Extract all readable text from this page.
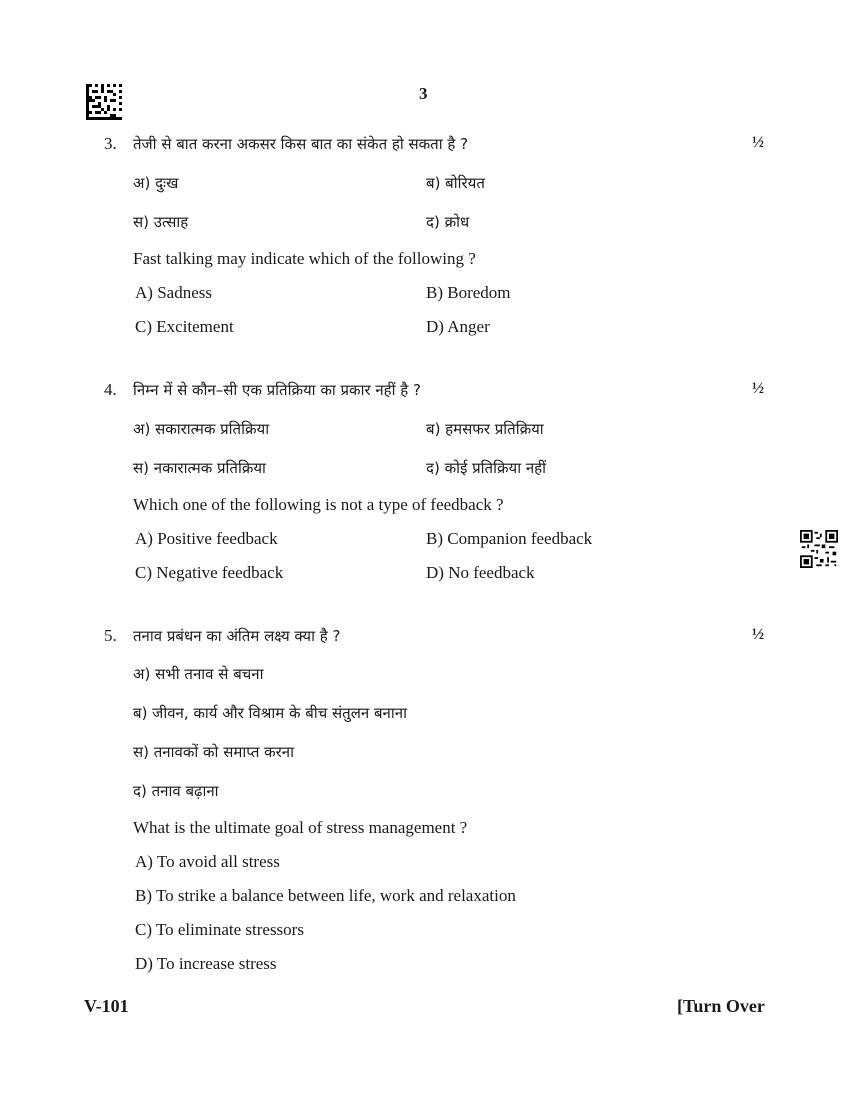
3
3. तेजी से बात करना अकसर किस बात का संकेत हो सकता है ?	½
अ) दुःख	ब) बोरियत
स) उत्साह	द) क्रोध
Fast talking may indicate which of the following ?
A) Sadness	B) Boredom
C) Excitement	D) Anger
4. निम्न में से कौन–सी एक प्रतिक्रिया का प्रकार नहीं है ?	½
अ) सकारात्मक प्रतिक्रिया	ब) हमसफर प्रतिक्रिया
स) नकारात्मक प्रतिक्रिया	द) कोई प्रतिक्रिया नहीं
Which one of the following is not a type of feedback ?
A) Positive feedback	B) Companion feedback
C) Negative feedback	D) No feedback
5. तनाव प्रबंधन का अंतिम लक्ष्य क्या है ?	½
अ) सभी तनाव से बचना
ब) जीवन, कार्य और विश्राम के बीच संतुलन बनाना
स) तनावकों को समाप्त करना
द) तनाव बढ़ाना
What is the ultimate goal of stress management ?
A) To avoid all stress
B) To strike a balance between life, work and relaxation
C) To eliminate stressors
D) To increase stress
V-101	[Turn Over
